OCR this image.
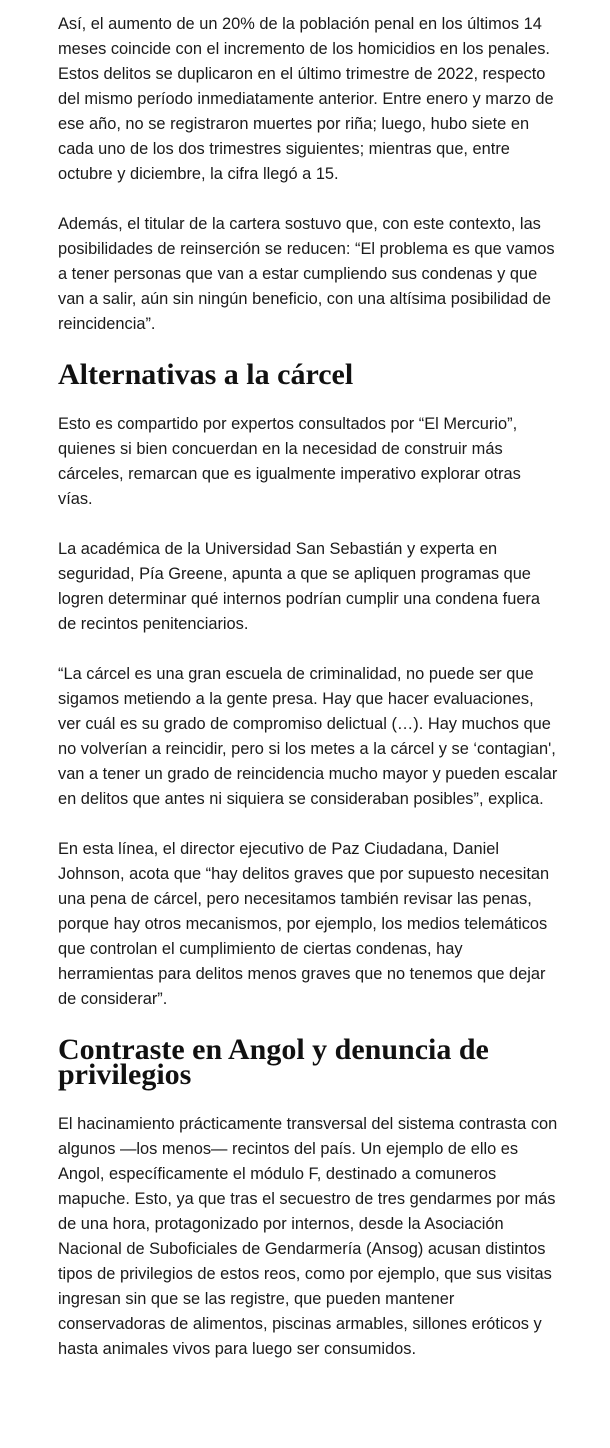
Así, el aumento de un 20% de la población penal en los últimos 14 meses coincide con el incremento de los homicidios en los penales. Estos delitos se duplicaron en el último trimestre de 2022, respecto del mismo período inmediatamente anterior. Entre enero y marzo de ese año, no se registraron muertes por riña; luego, hubo siete en cada uno de los dos trimestres siguientes; mientras que, entre octubre y diciembre, la cifra llegó a 15.

Además, el titular de la cartera sostuvo que, con este contexto, las posibilidades de reinserción se reducen: “El problema es que vamos a tener personas que van a estar cumpliendo sus condenas y que van a salir, aún sin ningún beneficio, con una altísima posibilidad de reincidencia”.

Alternativas a la cárcel

Esto es compartido por expertos consultados por “El Mercurio”, quienes si bien concuerdan en la necesidad de construir más cárceles, remarcan que es igualmente imperativo explorar otras vías.

La académica de la Universidad San Sebastián y experta en seguridad, Pía Greene, apunta a que se apliquen programas que logren determinar qué internos podrían cumplir una condena fuera de recintos penitenciarios.

“La cárcel es una gran escuela de criminalidad, no puede ser que sigamos metiendo a la gente presa. Hay que hacer evaluaciones, ver cuál es su grado de compromiso delictual (…). Hay muchos que no volverían a reincidir, pero si los metes a la cárcel y se ‘contagian', van a tener un grado de reincidencia mucho mayor y pueden escalar en delitos que antes ni siquiera se consideraban posibles”, explica.

En esta línea, el director ejecutivo de Paz Ciudadana, Daniel Johnson, acota que “hay delitos graves que por supuesto necesitan una pena de cárcel, pero necesitamos también revisar las penas, porque hay otros mecanismos, por ejemplo, los medios telemáticos que controlan el cumplimiento de ciertas condenas, hay herramientas para delitos menos graves que no tenemos que dejar de considerar”.

Contraste en Angol y denuncia de privilegios

El hacinamiento prácticamente transversal del sistema contrasta con algunos —los menos— recintos del país. Un ejemplo de ello es Angol, específicamente el módulo F, destinado a comuneros mapuche. Esto, ya que tras el secuestro de tres gendarmes por más de una hora, protagonizado por internos, desde la Asociación Nacional de Suboficiales de Gendarmería (Ansog) acusan distintos tipos de privilegios de estos reos, como por ejemplo, que sus visitas ingresan sin que se las registre, que pueden mantener conservadoras de alimentos, piscinas armables, sillones eróticos y hasta animales vivos para luego ser consumidos.
